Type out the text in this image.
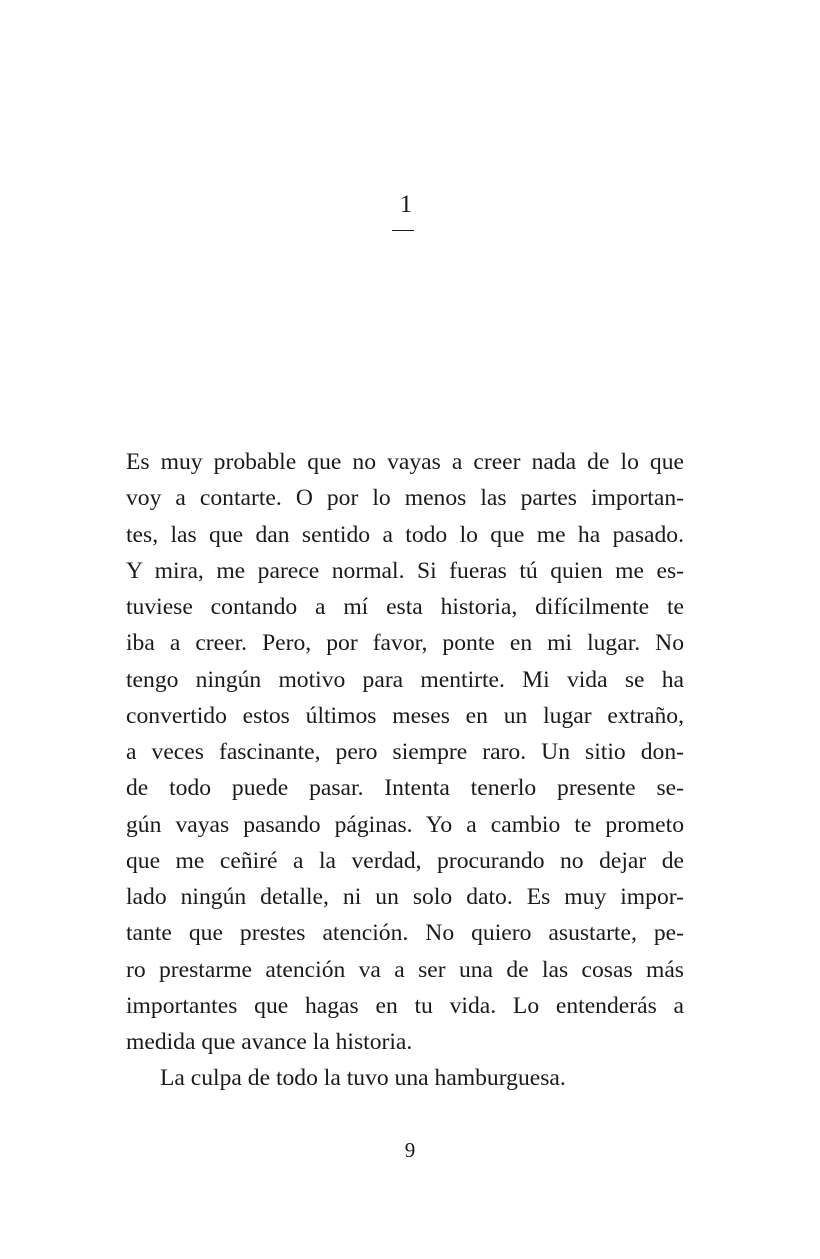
1
Es muy probable que no vayas a creer nada de lo que
voy a contarte. O por lo menos las partes importan-
tes, las que dan sentido a todo lo que me ha pasado.
Y mira, me parece normal. Si fueras tú quien me es-
tuviese contando a mí esta historia, difícilmente te
iba a creer. Pero, por favor, ponte en mi lugar. No
tengo ningún motivo para mentirte. Mi vida se ha
convertido estos últimos meses en un lugar extraño,
a veces fascinante, pero siempre raro. Un sitio don-
de todo puede pasar. Intenta tenerlo presente se-
gún vayas pasando páginas. Yo a cambio te prometo
que me ceñiré a la verdad, procurando no dejar de
lado ningún detalle, ni un solo dato. Es muy impor-
tante que prestes atención. No quiero asustarte, pe-
ro prestarme atención va a ser una de las cosas más
importantes que hagas en tu vida. Lo entenderás a
medida que avance la historia.
La culpa de todo la tuvo una hamburguesa.
9
